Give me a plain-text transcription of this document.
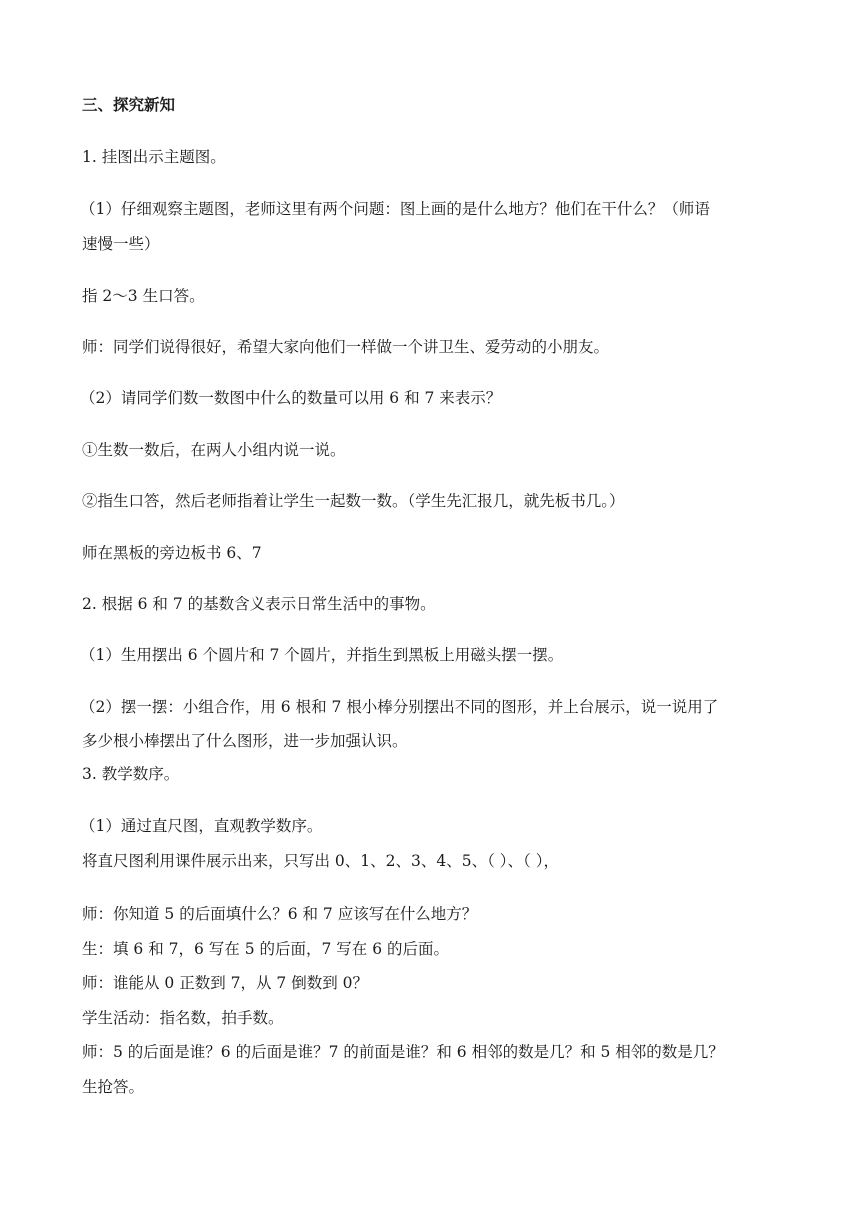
三、探究新知
1. 挂图出示主题图。
（1）仔细观察主题图，老师这里有两个问题：图上画的是什么地方？他们在干什么？（师语
速慢一些）
指 2～3 生口答。
师：同学们说得很好，希望大家向他们一样做一个讲卫生、爱劳动的小朋友。
（2）请同学们数一数图中什么的数量可以用 6 和 7 来表示？
①生数一数后，在两人小组内说一说。
②指生口答，然后老师指着让学生一起数一数。（学生先汇报几，就先板书几。）
师在黑板的旁边板书 6、7
2. 根据 6 和 7 的基数含义表示日常生活中的事物。
（1）生用摆出 6 个圆片和 7 个圆片，并指生到黑板上用磁头摆一摆。
（2）摆一摆：小组合作，用 6 根和 7 根小棒分别摆出不同的图形，并上台展示，说一说用了
多少根小棒摆出了什么图形，进一步加强认识。
3. 教学数序。
（1）通过直尺图，直观教学数序。
将直尺图利用课件展示出来，只写出 0、1、2、3、4、5、（ ）、（ ），
师：你知道 5 的后面填什么？6 和 7 应该写在什么地方？
生：填 6 和 7，6 写在 5 的后面，7 写在 6 的后面。
师：谁能从 0 正数到 7，从 7 倒数到 0？
学生活动：指名数，拍手数。
师：5 的后面是谁？6 的后面是谁？7 的前面是谁？和 6 相邻的数是几？和 5 相邻的数是几？
生抢答。
